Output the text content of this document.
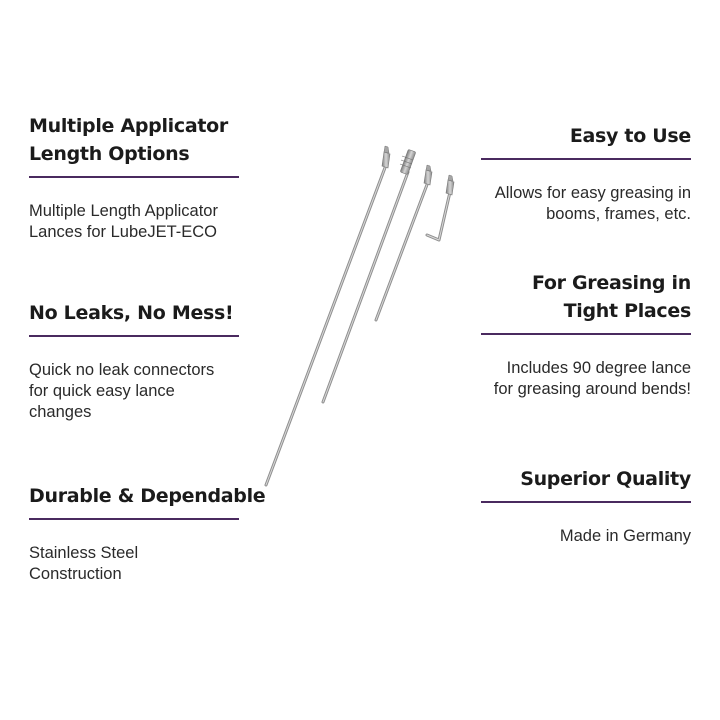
Multiple Applicator
Length Options
Multiple Length Applicator
Lances for LubeJET-ECO
No Leaks, No Mess!
Quick no leak connectors
for quick easy lance
changes
Durable & Dependable
Stainless Steel
Construction
Easy to Use
Allows for easy greasing in
booms, frames, etc.
For Greasing in
Tight Places
Includes 90 degree lance
for greasing around bends!
Superior Quality
Made in Germany
